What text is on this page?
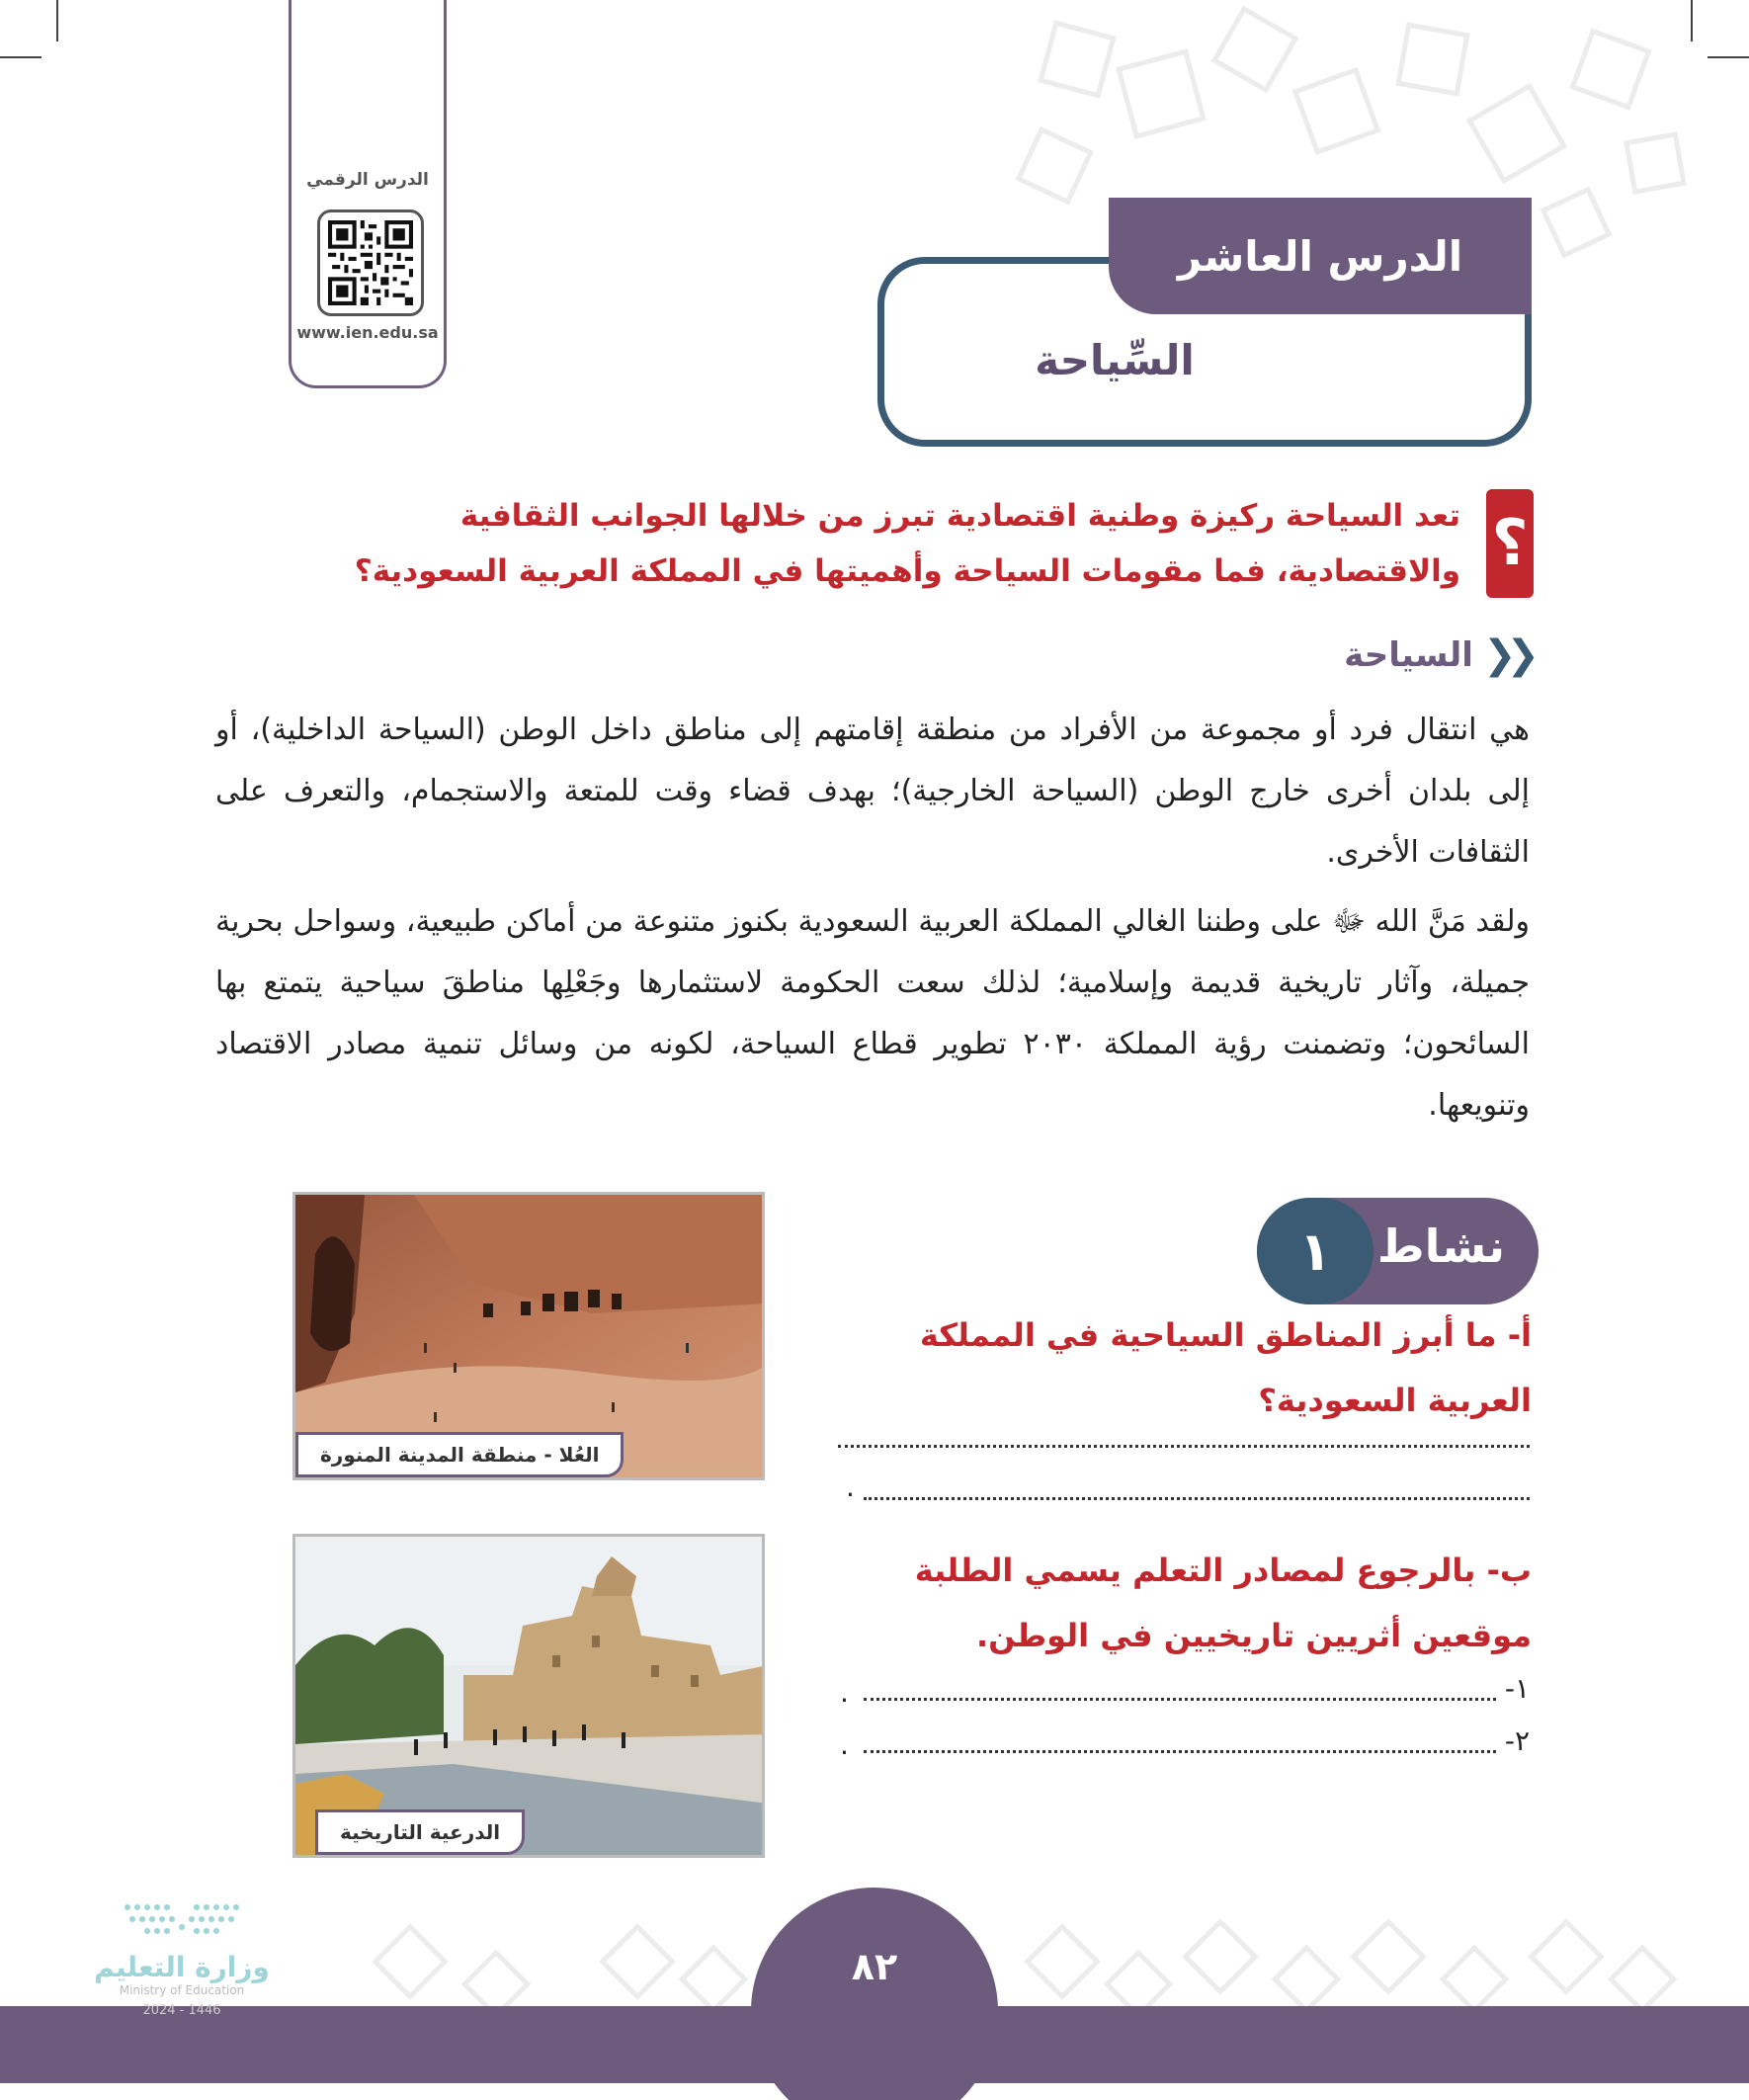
الدرس الرقمي
www.ien.edu.sa
الدرس العاشر
السِّياحة
؟
تعد السياحة ركيزة وطنية اقتصادية تبرز من خلالها الجوانب الثقافية والاقتصادية، فما مقومات السياحة وأهميتها في المملكة العربية السعودية؟
❮❮
السياحة
هي انتقال فرد أو مجموعة من الأفراد من منطقة إقامتهم إلى مناطق داخل الوطن (السياحة الداخلية)، أو إلى بلدان أخرى خارج الوطن (السياحة الخارجية)؛ بهدف قضاء وقت للمتعة والاستجمام، والتعرف على الثقافات الأخرى.
ولقد مَنَّ الله ﷻ على وطننا الغالي المملكة العربية السعودية بكنوز متنوعة من أماكن طبيعية، وسواحل بحرية جميلة، وآثار تاريخية قديمة وإسلامية؛ لذلك سعت الحكومة لاستثمارها وجَعْلِها مناطقَ سياحية يتمتع بها السائحون؛ وتضمنت رؤية المملكة ٢٠٣٠ تطوير قطاع السياحة، لكونه من وسائل تنمية مصادر الاقتصاد وتنويعها.
نشاط
١
أ- ما أبرز المناطق السياحية في المملكة العربية السعودية؟
.
ب- بالرجوع لمصادر التعلم يسمي الطلبة موقعين أثريين تاريخيين في الوطن.
١-
.
٢-
.
العُلا - منطقة المدينة المنورة
الدرعية التاريخية
٨٢
وزارة التعليم
Ministry of Education
2024 - 1446
